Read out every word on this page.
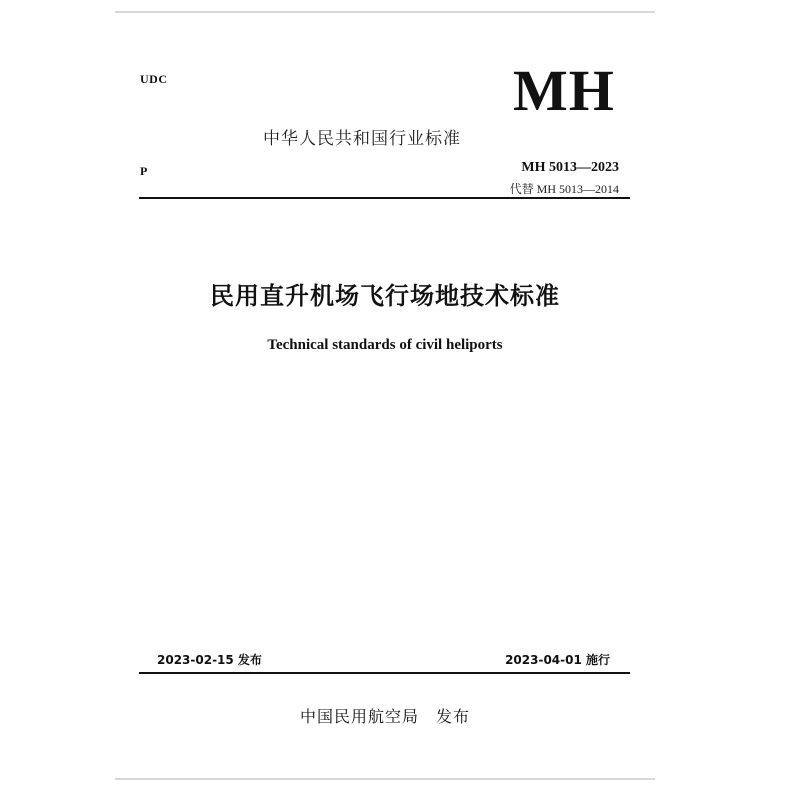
UDC	MH
中华人民共和国行业标准
P	MH 5013—2023
代替 MH 5013—2014
民用直升机场飞行场地技术标准
Technical standards of civil heliports
2023-02-15 发布	2023-04-01 施行
中国民用航空局　发布
